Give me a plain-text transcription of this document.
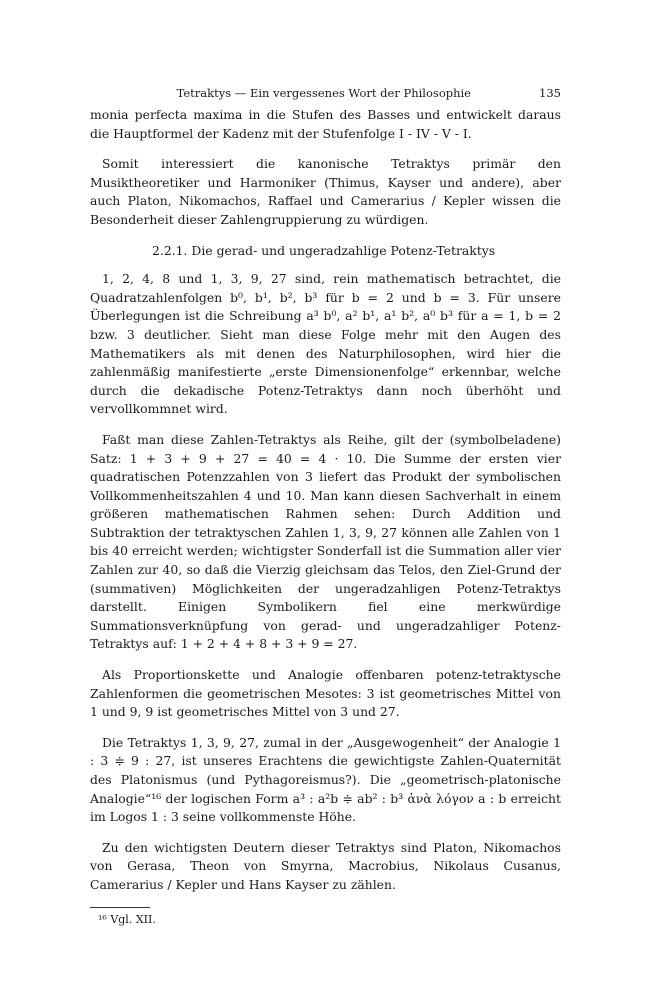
Tetraktys — Ein vergessenes Wort der Philosophie	135

monia perfecta maxima in die Stufen des Basses und entwickelt daraus die Hauptformel der Kadenz mit der Stufenfolge I - IV - V - I.

Somit interessiert die kanonische Tetraktys primär den Musiktheoretiker und Harmoniker (Thimus, Kayser und andere), aber auch Platon, Nikomachos, Raffael und Camerarius / Kepler wissen die Besonderheit dieser Zahlengruppierung zu würdigen.

2.2.1. Die gerad- und ungeradzahlige Potenz-Tetraktys

1, 2, 4, 8 und 1, 3, 9, 27 sind, rein mathematisch betrachtet, die Quadratzahlenfolgen b⁰, b¹, b², b³ für b = 2 und b = 3. Für unsere Überlegungen ist die Schreibung a³ b⁰, a² b¹, a¹ b², a⁰ b³ für a = 1, b = 2 bzw. 3 deutlicher. Sieht man diese Folge mehr mit den Augen des Mathematikers als mit denen des Naturphilosophen, wird hier die zahlenmäßig manifestierte „erste Dimensionenfolge“ erkennbar, welche durch die dekadische Potenz-Tetraktys dann noch überhöht und vervollkommnet wird.

Faßt man diese Zahlen-Tetraktys als Reihe, gilt der (symbolbeladene) Satz: 1 + 3 + 9 + 27 = 40 = 4 · 10. Die Summe der ersten vier quadratischen Potenzzahlen von 3 liefert das Produkt der symbolischen Vollkommenheitszahlen 4 und 10. Man kann diesen Sachverhalt in einem größeren mathematischen Rahmen sehen: Durch Addition und Subtraktion der tetraktyschen Zahlen 1, 3, 9, 27 können alle Zahlen von 1 bis 40 erreicht werden; wichtigster Sonderfall ist die Summation aller vier Zahlen zur 40, so daß die Vierzig gleichsam das Telos, den Ziel-Grund der (summativen) Möglichkeiten der ungeradzahligen Potenz-Tetraktys darstellt. Einigen Symbolikern fiel eine merkwürdige Summationsverknüpfung von gerad- und ungeradzahliger Potenz-Tetraktys auf: 1 + 2 + 4 + 8 + 3 + 9 = 27.

Als Proportionskette und Analogie offenbaren potenz-tetraktysche Zahlenformen die geometrischen Mesotes: 3 ist geometrisches Mittel von 1 und 9, 9 ist geometrisches Mittel von 3 und 27.

Die Tetraktys 1, 3, 9, 27, zumal in der „Ausgewogenheit“ der Analogie 1 : 3 ≑ 9 : 27, ist unseres Erachtens die gewichtigste Zahlen-Quaternität des Platonismus (und Pythagoreismus?). Die „geometrisch-platonische Analogie“¹⁶ der logischen Form a³ : a²b ≑ ab² : b³ ἀνὰ λόγον a : b erreicht im Logos 1 : 3 seine vollkommenste Höhe.

Zu den wichtigsten Deutern dieser Tetraktys sind Platon, Nikomachos von Gerasa, Theon von Smyrna, Macrobius, Nikolaus Cusanus, Camerarius / Kepler und Hans Kayser zu zählen.

¹⁶ Vgl. XII.
